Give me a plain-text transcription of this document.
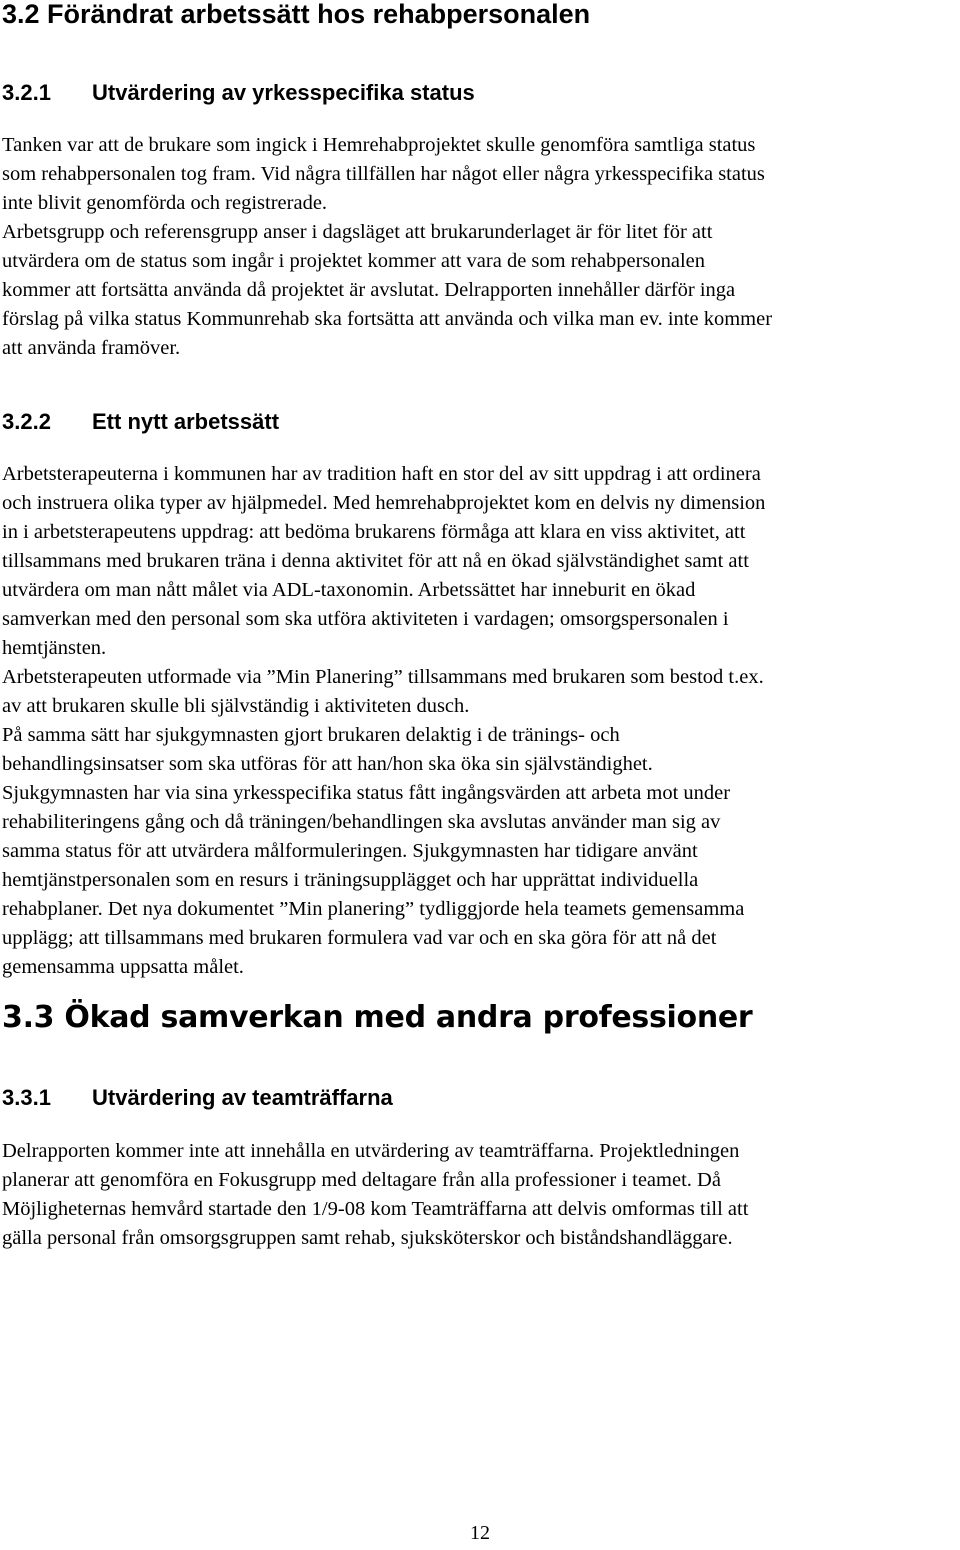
3.2 Förändrat arbetssätt hos rehabpersonalen
3.2.1 Utvärdering av yrkesspecifika status

Tanken var att de brukare som ingick i Hemrehabprojektet skulle genomföra samtliga status
som rehabpersonalen tog fram. Vid några tillfällen har något eller några yrkesspecifika status
inte blivit genomförda och registrerade.
Arbetsgrupp och referensgrupp anser i dagsläget att brukarunderlaget är för litet för att
utvärdera om de status som ingår i projektet kommer att vara de som rehabpersonalen
kommer att fortsätta använda då projektet är avslutat. Delrapporten innehåller därför inga
förslag på vilka status Kommunrehab ska fortsätta att använda och vilka man ev. inte kommer
att använda framöver.

3.2.2 Ett nytt arbetssätt

Arbetsterapeuterna i kommunen har av tradition haft en stor del av sitt uppdrag i att ordinera
och instruera olika typer av hjälpmedel. Med hemrehabprojektet kom en delvis ny dimension
in i arbetsterapeutens uppdrag: att bedöma brukarens förmåga att klara en viss aktivitet, att
tillsammans med brukaren träna i denna aktivitet för att nå en ökad självständighet samt att
utvärdera om man nått målet via ADL-taxonomin. Arbetssättet har inneburit en ökad
samverkan med den personal som ska utföra aktiviteten i vardagen; omsorgspersonalen i
hemtjänsten.
Arbetsterapeuten utformade via ”Min Planering” tillsammans med brukaren som bestod t.ex.
av att brukaren skulle bli självständig i aktiviteten dusch.
På samma sätt har sjukgymnasten gjort brukaren delaktig i de tränings- och
behandlingsinsatser som ska utföras för att han/hon ska öka sin självständighet.
Sjukgymnasten har via sina yrkesspecifika status fått ingångsvärden att arbeta mot under
rehabiliteringens gång och då träningen/behandlingen ska avslutas använder man sig av
samma status för att utvärdera målformuleringen. Sjukgymnasten har tidigare använt
hemtjänstpersonalen som en resurs i träningsupplägget och har upprättat individuella
rehabplaner. Det nya dokumentet ”Min planering” tydliggjorde hela teamets gemensamma
upplägg; att tillsammans med brukaren formulera vad var och en ska göra för att nå det
gemensamma uppsatta målet.

3.3 Ökad samverkan med andra professioner
3.3.1 Utvärdering av teamträffarna

Delrapporten kommer inte att innehålla en utvärdering av teamträffarna. Projektledningen
planerar att genomföra en Fokusgrupp med deltagare från alla professioner i teamet. Då
Möjligheternas hemvård startade den 1/9-08 kom Teamträffarna att delvis omformas till att
gälla personal från omsorgsgruppen samt rehab, sjuksköterskor och biståndshandläggare.

12
